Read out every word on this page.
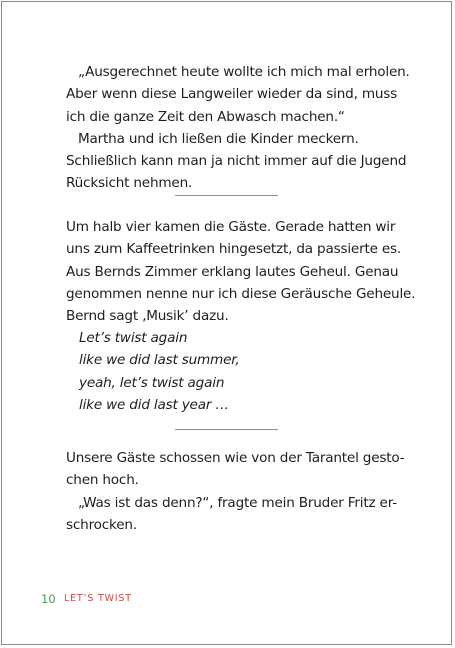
„Ausgerechnet heute wollte ich mich mal erholen.
Aber wenn diese Langweiler wieder da sind, muss
ich die ganze Zeit den Abwasch machen.“
Martha und ich ließen die Kinder meckern.
Schließlich kann man ja nicht immer auf die Jugend
Rücksicht nehmen.
Um halb vier kamen die Gäste. Gerade hatten wir
uns zum Kaffeetrinken hingesetzt, da passierte es.
Aus Bernds Zimmer erklang lautes Geheul. Genau
genommen nenne nur ich diese Geräusche Geheule.
Bernd sagt ‚Musik’ dazu.
Let’s twist again
like we did last summer,
yeah, let’s twist again
like we did last year …
Unsere Gäste schossen wie von der Tarantel gesto-
chen hoch.
„Was ist das denn?“, fragte mein Bruder Fritz er-
schrocken.
10 LET’S TWIST
